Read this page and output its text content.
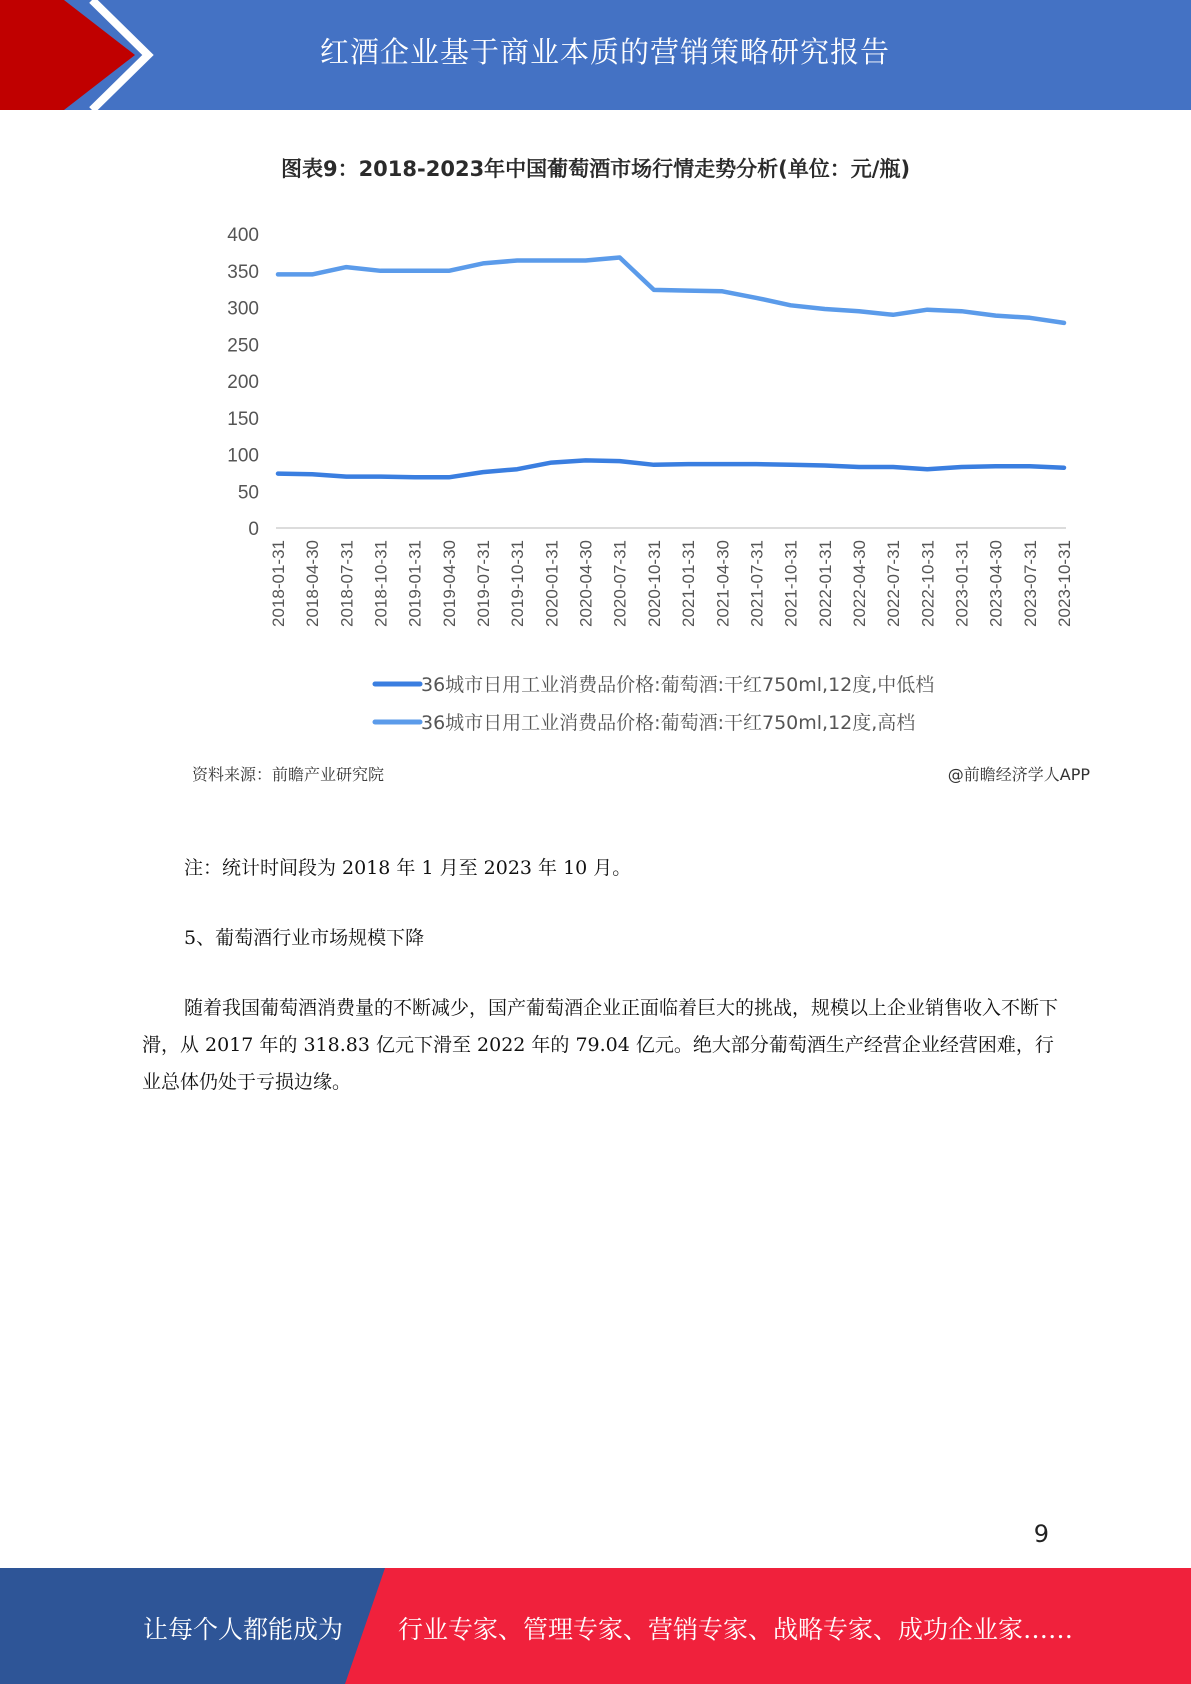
红酒企业基于商业本质的营销策略研究报告
图表9：2018-2023年中国葡萄酒市场行情走势分析(单位：元/瓶)
0
50
100
150
200
250
300
350
400
2018-01-31 2018-04-30 2018-07-31 2018-10-31 2019-01-31 2019-04-30 2019-07-31 2019-10-31 2020-01-31 2020-04-30 2020-07-31 2020-10-31 2021-01-31 2021-04-30 2021-07-31 2021-10-31 2022-01-31 2022-04-30 2022-07-31 2022-10-31 2023-01-31 2023-04-30 2023-07-31 2023-10-31
36城市日用工业消费品价格:葡萄酒:干红750ml,12度,中低档
36城市日用工业消费品价格:葡萄酒:干红750ml,12度,高档
资料来源：前瞻产业研究院	@前瞻经济学人APP

注：统计时间段为 2018 年 1 月至 2023 年 10 月。

5、葡萄酒行业市场规模下降

随着我国葡萄酒消费量的不断减少，国产葡萄酒企业正面临着巨大的挑战，规模以上企业销售收入不断下滑，从 2017 年的 318.83 亿元下滑至 2022 年的 79.04 亿元。绝大部分葡萄酒生产经营企业经营困难，行业总体仍处于亏损边缘。

9
让每个人都能成为 行业专家、管理专家、营销专家、战略专家、成功企业家……
